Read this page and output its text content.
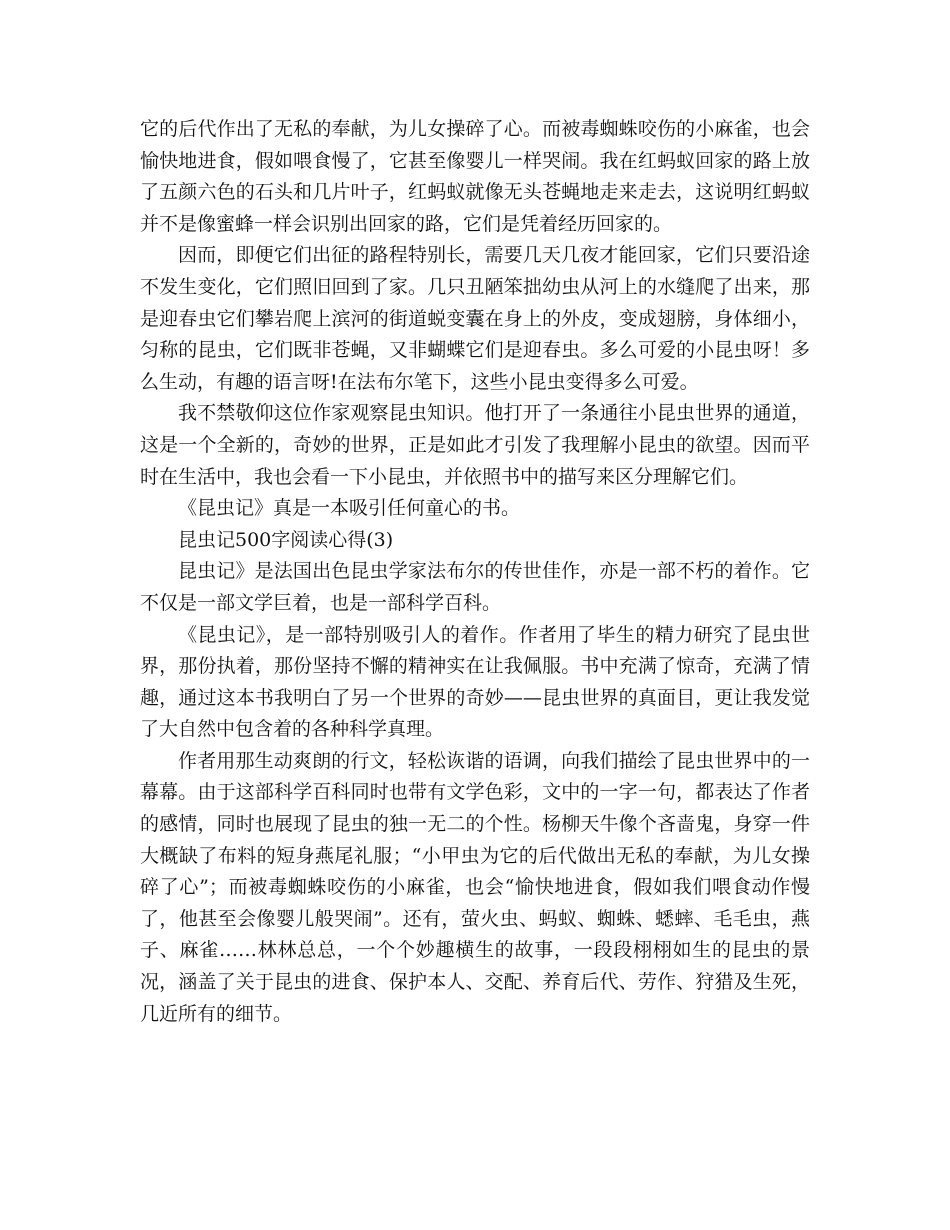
它的后代作出了无私的奉献，为儿女操碎了心。而被毒蜘蛛咬伤的小麻雀，也会愉快地进食，假如喂食慢了，它甚至像婴儿一样哭闹。我在红蚂蚁回家的路上放了五颜六色的石头和几片叶子，红蚂蚁就像无头苍蝇地走来走去，这说明红蚂蚁并不是像蜜蜂一样会识别出回家的路，它们是凭着经历回家的。

因而，即便它们出征的路程特别长，需要几天几夜才能回家，它们只要沿途不发生变化，它们照旧回到了家。几只丑陋笨拙幼虫从河上的水缝爬了出来，那是迎春虫它们攀岩爬上滨河的街道蜕变囊在身上的外皮，变成翅膀，身体细小，匀称的昆虫，它们既非苍蝇，又非蝴蝶它们是迎春虫。多么可爱的小昆虫呀！多么生动，有趣的语言呀!在法布尔笔下，这些小昆虫变得多么可爱。

我不禁敬仰这位作家观察昆虫知识。他打开了一条通往小昆虫世界的通道，这是一个全新的，奇妙的世界，正是如此才引发了我理解小昆虫的欲望。因而平时在生活中，我也会看一下小昆虫，并依照书中的描写来区分理解它们。

《昆虫记》真是一本吸引任何童心的书。

昆虫记500字阅读心得(3)

昆虫记》是法国出色昆虫学家法布尔的传世佳作，亦是一部不朽的着作。它不仅是一部文学巨着，也是一部科学百科。

《昆虫记》，是一部特别吸引人的着作。作者用了毕生的精力研究了昆虫世界，那份执着，那份坚持不懈的精神实在让我佩服。书中充满了惊奇，充满了情趣，通过这本书我明白了另一个世界的奇妙——昆虫世界的真面目，更让我发觉了大自然中包含着的各种科学真理。

作者用那生动爽朗的行文，轻松诙谐的语调，向我们描绘了昆虫世界中的一幕幕。由于这部科学百科同时也带有文学色彩，文中的一字一句，都表达了作者的感情，同时也展现了昆虫的独一无二的个性。杨柳天牛像个吝啬鬼，身穿一件大概缺了布料的短身燕尾礼服；“小甲虫为它的后代做出无私的奉献，为儿女操碎了心”；而被毒蜘蛛咬伤的小麻雀，也会“愉快地进食，假如我们喂食动作慢了，他甚至会像婴儿般哭闹”。还有，萤火虫、蚂蚁、蜘蛛、蟋蟀、毛毛虫，燕子、麻雀……林林总总，一个个妙趣横生的故事，一段段栩栩如生的昆虫的景况，涵盖了关于昆虫的进食、保护本人、交配、养育后代、劳作、狩猎及生死，几近所有的细节。
